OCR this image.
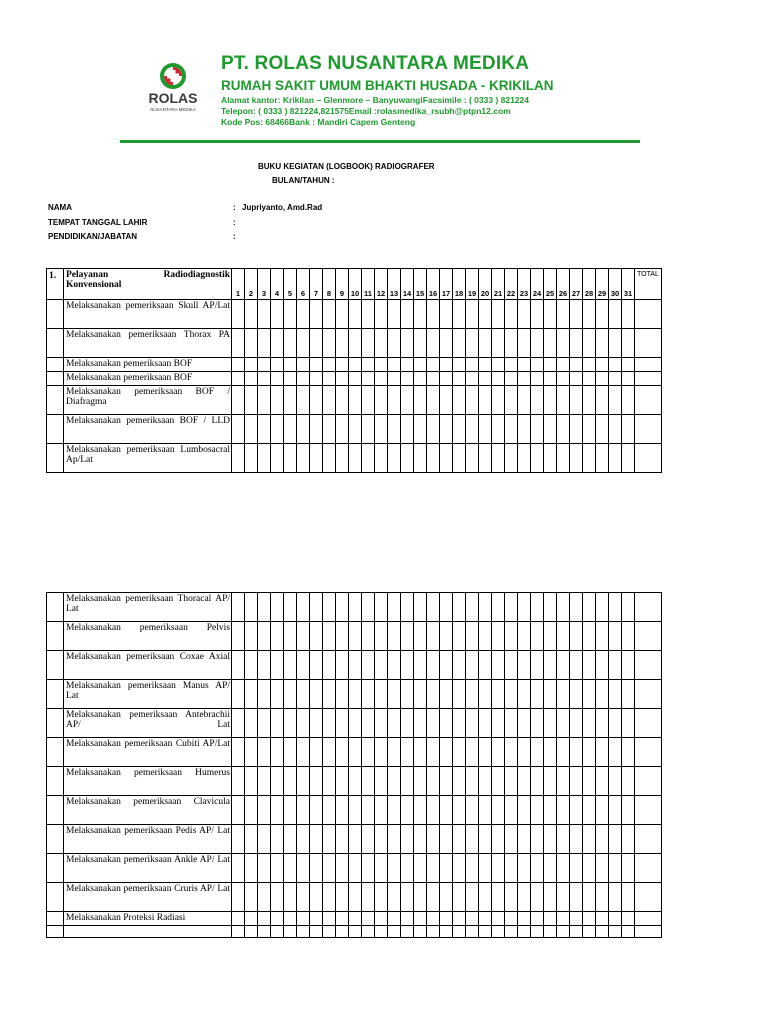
ROLAS
NUSANTARA MEDIKA
PT. ROLAS NUSANTARA MEDIKA
RUMAH SAKIT UMUM BHAKTI HUSADA - KRIKILAN
Alamat kantor: Krikilan – Glenmore – BanyuwangiFacsimile : ( 0333 ) 821224
Telepon: ( 0333 ) 821224,821575Email :rolasmedika_rsubh@ptpn12.com
Kode Pos: 68466Bank : Mandiri Capem Genteng
BUKU KEGIATAN (LOGBOOK) RADIOGRAFER
BULAN/TAHUN :
NAMA	: Jupriyanto, Amd.Rad
TEMPAT TANGGAL LAHIR	:
PENDIDIKAN/JABATAN	:
1.	Pelayanan Radiodiagnostik Konvensional	1	2	3	4	5	6	7	8	9	10	11	12	13	14	15	16	17	18	19	20	21	22	23	24	25	26	27	28	29	30	31	TOTAL
	Melaksanakan pemeriksaan Skull AP/Lat																																
	Melaksanakan pemeriksaan Thorax PA																																
	Melaksanakan pemeriksaan BOF																																
	Melaksanakan pemeriksaan BOF																																
	Melaksanakan pemeriksaan BOF / Diafragma																																
	Melaksanakan pemeriksaan BOF / LLD																																
	Melaksanakan pemeriksaan Lumbosacral Ap/Lat																																
	Melaksanakan pemeriksaan Thoracal AP/ Lat																																
	Melaksanakan pemeriksaan Pelvis																																
	Melaksanakan pemeriksaan Coxae Axial																																
	Melaksanakan pemeriksaan Manus AP/ Lat																																
	Melaksanakan pemeriksaan Antebrachii AP/ Lat																																
	Melaksanakan pemeriksaan Cubiti AP/Lat																																
	Melaksanakan pemeriksaan Humerus																																
	Melaksanakan pemeriksaan Clavicula																																
	Melaksanakan pemeriksaan Pedis AP/ Lat																																
	Melaksanakan pemeriksaan Ankle AP/ Lat																																
	Melaksanakan pemeriksaan Cruris AP/ Lat																																
	Melaksanakan Proteksi Radiasi																																
